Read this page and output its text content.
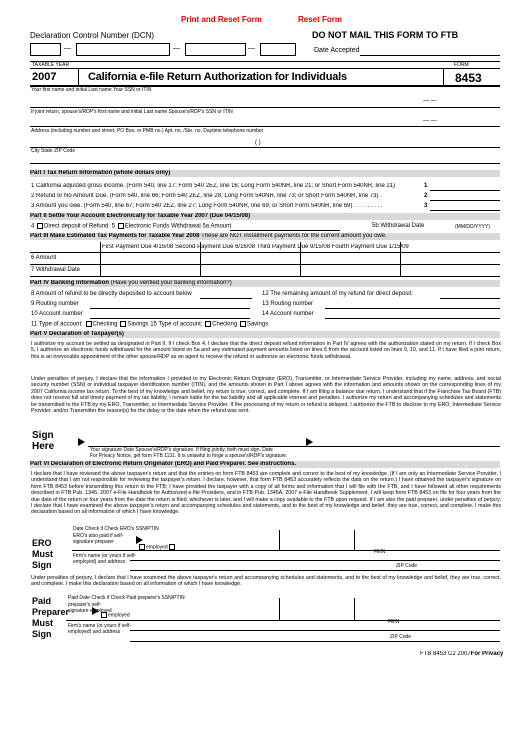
Print and Reset Form	Reset Form
Declaration Control Number (DCN)
—	—	—
DO NOT MAIL THIS FORM TO FTB
Date Accepted
TAXABLE YEAR	FORM
2007	California e-file Return Authorization for Individuals	8453
Your first name and initial Last name Your SSN or ITIN
— —
If joint return, spouse's/RDP's first name and initial Last name Spouse's/RDP's SSN or ITIN
— —
Address (including number and street, PO Box, or PMB no.) Apt. no. /Ste. no. Daytime telephone number
( )
City State ZIP Code
Part I Tax Return Information (whole dollars only)
1 California adjusted gross income. (Form 540, line 17; Form 540 2EZ, line 16; Long Form 540NR, line 21; or Short Form 540NR, line 21)	1
2 Refund or No Amount Due. (Form 540, line 66; Form 540 2EZ, line 28; Long Form 540NR, line 73; or Short Form 540NR, line 73) .	2
3 Amount you owe. (Form 540, line 67; Form 540 2EZ, line 27; Long Form 540NR, line 69; or Short Form 540NR, line 69) . . . . . . . . .	3
Part II Settle Your Account Electronically for Taxable Year 2007 (Due 04/15/08)
4 Direct deposit of Refund  5 Electronic Funds Withdrawal 5a Amount	5b Withdrawal Date	(MM/DD/YYYY)
Part III Make Estimated Tax Payments for Taxable Year 2008 These are NOT installment payments for the current amount you owe.
First Payment Due 4/15/08 Second Payment Due 6/16/08 Third Payment Due 9/15/08 Fourth Payment Due 1/15/09
6 Amount
7 Withdrawal Date
Part IV Banking Information (Have you verified your banking information?)
8 Amount of refund to be directly deposited to account below	12 The remaining amount of my refund for direct deposit:
9 Routing number	13 Routing number
10 Account number	14 Account number
11 Type of account: Checking Savings 15 Type of account: Checking Savings
Part V Declaration of Taxpayer(s)
I authorize my account be settled as designated in Part II. If I check Box 4, I declare that the direct deposit refund information in Part IV agrees with the authorization stated on my return. If I check Box 5, I authorize an electronic funds withdrawal for the amount listed on 5a and any estimated payment amounts listed on lines 6 from the account listed on lines 9, 10, and 11. If I have filed a joint return, this is an irrevocable appointment of the other spouse/RDP as an agent to receive the refund or authorize an electronic funds withdrawal.
Under penalties of perjury, I declare that the information I provided to my Electronic Return Originator (ERO), Transmitter, or Intermediate Service Provider, including my name, address, and social security number (SSN) or individual taxpayer identification number (ITIN), and the amounts shown in Part I above agrees with the information and amounts shown on the corresponding lines of my 2007 California income tax return. To the best of my knowledge and belief, my return is true, correct, and complete. If I am filing a balance due return, I understand that if the Franchise Tax Board (FTB) does not receive full and timely payment of my tax liability, I remain liable for the tax liability and all applicable interest and penalties. I authorize my return and accompanying schedules and statements be transmitted to the FTB by my ERO, Transmitter, or Intermediate Service Provider. If the processing of my return or refund is delayed, I authorize the FTB to disclose to my ERO, Intermediate Service Provider, and/or Transmitter the reason(s) for the delay or the date when the refund was sent.
Sign
Here	Your signature Date Spouse's/RDP's signature. If filing jointly, both must sign. Date
For Privacy Notice, get form FTB 1131. It is unlawful to forge a spouse's/RDP's signature.
Part VI Declaration of Electronic Return Originator (ERO) and Paid Preparer. See instructions.
I declare that I have reviewed the above taxpayer's return and that the entries on form FTB 8453 are complete and correct to the best of my knowledge. (If I am only an Intermediate Service Provider, I understand that I am not responsible for reviewing the taxpayer's return. I declare, however, that form FTB 8453 accurately reflects the data on the return.) I have obtained the taxpayer's signature on form FTB 8453 before transmitting this return to the FTB; I have provided the taxpayer with a copy of all forms and information that I will file with the FTB, and I have followed all other requirements described in FTB Pub. 1345, 2007 e-File Handbook for Authorized e-file Providers, and in FTB Pub. 1345A, 2007 e-File Handbook Supplement. I will keep form FTB 8453 on file for four years from the due date of the return or four years from the date the return is filed, whichever is later, and I will make a copy available to the FTB upon request. If I am also the paid preparer, under penalties of perjury, I declare that I have examined the above taxpayer's return and accompanying schedules and statements, and to the best of my knowledge and belief, they are true, correct, and complete. I make this declaration based on all information of which I have knowledge.
ERO
Must
Sign
Date Check if Check ERO's SSN/PTIN
ERO's also paid if self- signature preparer
employed
Firm's name (or yours if self-employed) and address
FEIN
ZIP Code
Under penalties of perjury, I declare that I have examined the above taxpayer's return and accompanying schedules and statements, and to the best of my knowledge and belief, they are true, correct, and complete. I make this declaration based on all information of which I have knowledge.
Paid
Preparer
Must
Sign
Paid Date Check if Check Paid preparer's SSN/PTIN
preparer's self- signature employed
employed
Firm's name (or yours if self-employed) and address
FEIN
ZIP Code
FTB 8453 C2 2007For Privacy
